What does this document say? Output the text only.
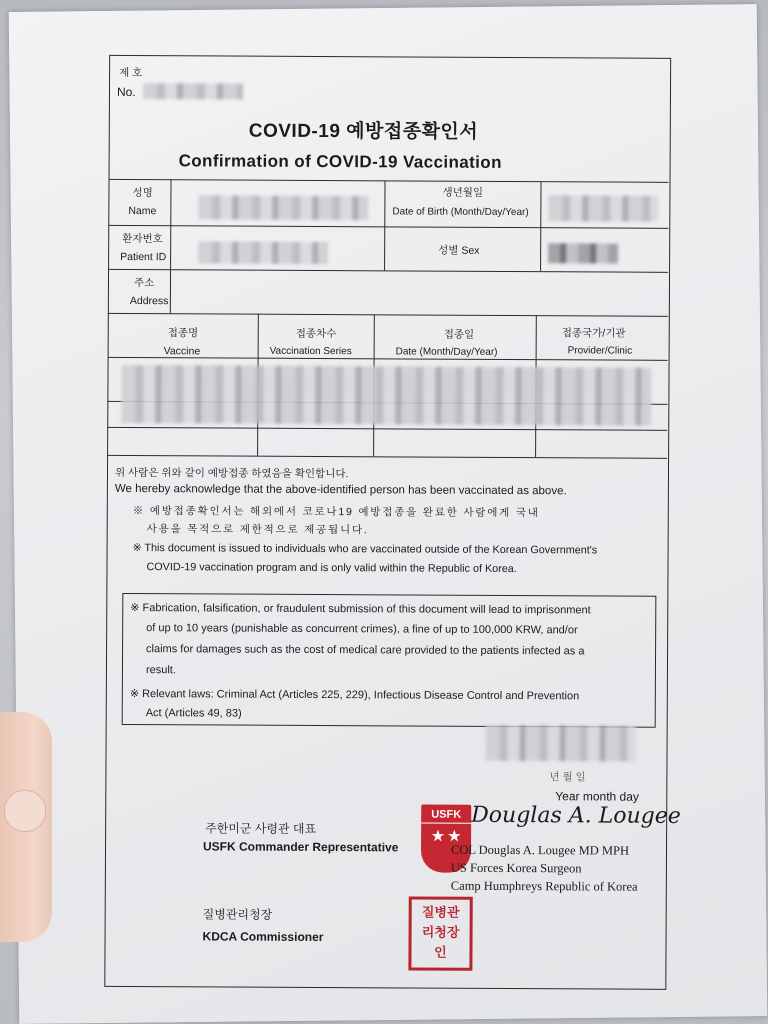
제 호
No.
COVID-19 예방접종확인서
Confirmation of COVID-19 Vaccination
성명
Name
생년월일
Date of Birth (Month/Day/Year)
환자번호
Patient ID
성별 Sex
주소
Address
접종명
Vaccine
접종차수
Vaccination Series
접종일
Date (Month/Day/Year)
접종국가/기관
Provider/Clinic
위 사람은 위와 같이 예방접종 하였음을 확인합니다.
We hereby acknowledge that the above-identified person has been vaccinated as above.
※ 예방접종확인서는 해외에서 코로나19 예방접종을 완료한 사람에게 국내
사용을 목적으로 제한적으로 제공됩니다.
※ This document is issued to individuals who are vaccinated outside of the Korean Government's
COVID-19 vaccination program and is only valid within the Republic of Korea.
※ Fabrication, falsification, or fraudulent submission of this document will lead to imprisonment
of up to 10 years (punishable as concurrent crimes), a fine of up to 100,000 KRW, and/or
claims for damages such as the cost of medical care provided to the patients infected as a
result.
※ Relevant laws: Criminal Act (Articles 225, 229), Infectious Disease Control and Prevention
Act (Articles 49, 83)
년 월 일
Year month day
주한미군 사령관 대표
USFK Commander Representative
USFK
★ ★
Douglas A. Lougee
COL Douglas A. Lougee MD MPH
US Forces Korea Surgeon
Camp Humphreys Republic of Korea
질병관리청장
KDCA Commissioner
질병관리청장인
